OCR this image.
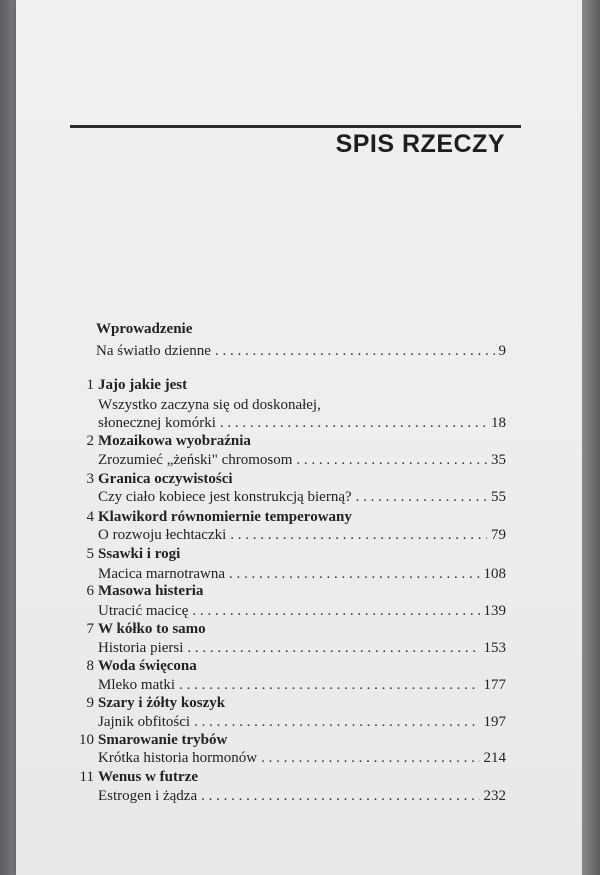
SPIS RZECZY
Wprowadzenie
Na światło dzienne . . .	9
1 Jajo jakie jest
Wszystko zaczyna się od doskonałej,
słonecznej komórki . . .	18
2 Mozaikowa wyobraźnia
Zrozumieć „żeński" chromosom . . .	35
3 Granica oczywistości
Czy ciało kobiece jest konstrukcją bierną? . . .	55
4 Klawikord równomiernie temperowany
O rozwoju łechtaczki . . .	79
5 Ssawki i rogi
Macica marnotrawna . . .	108
6 Masowa histeria
Utracić macicę . . .	139
7 W kółko to samo
Historia piersi . . .	153
8 Woda święcona
Mleko matki . . .	177
9 Szary i żółty koszyk
Jajnik obfitości . . .	197
10 Smarowanie trybów
Krótka historia hormonów . . .	214
11 Wenus w futrze
Estrogen i żądza . . .	232
